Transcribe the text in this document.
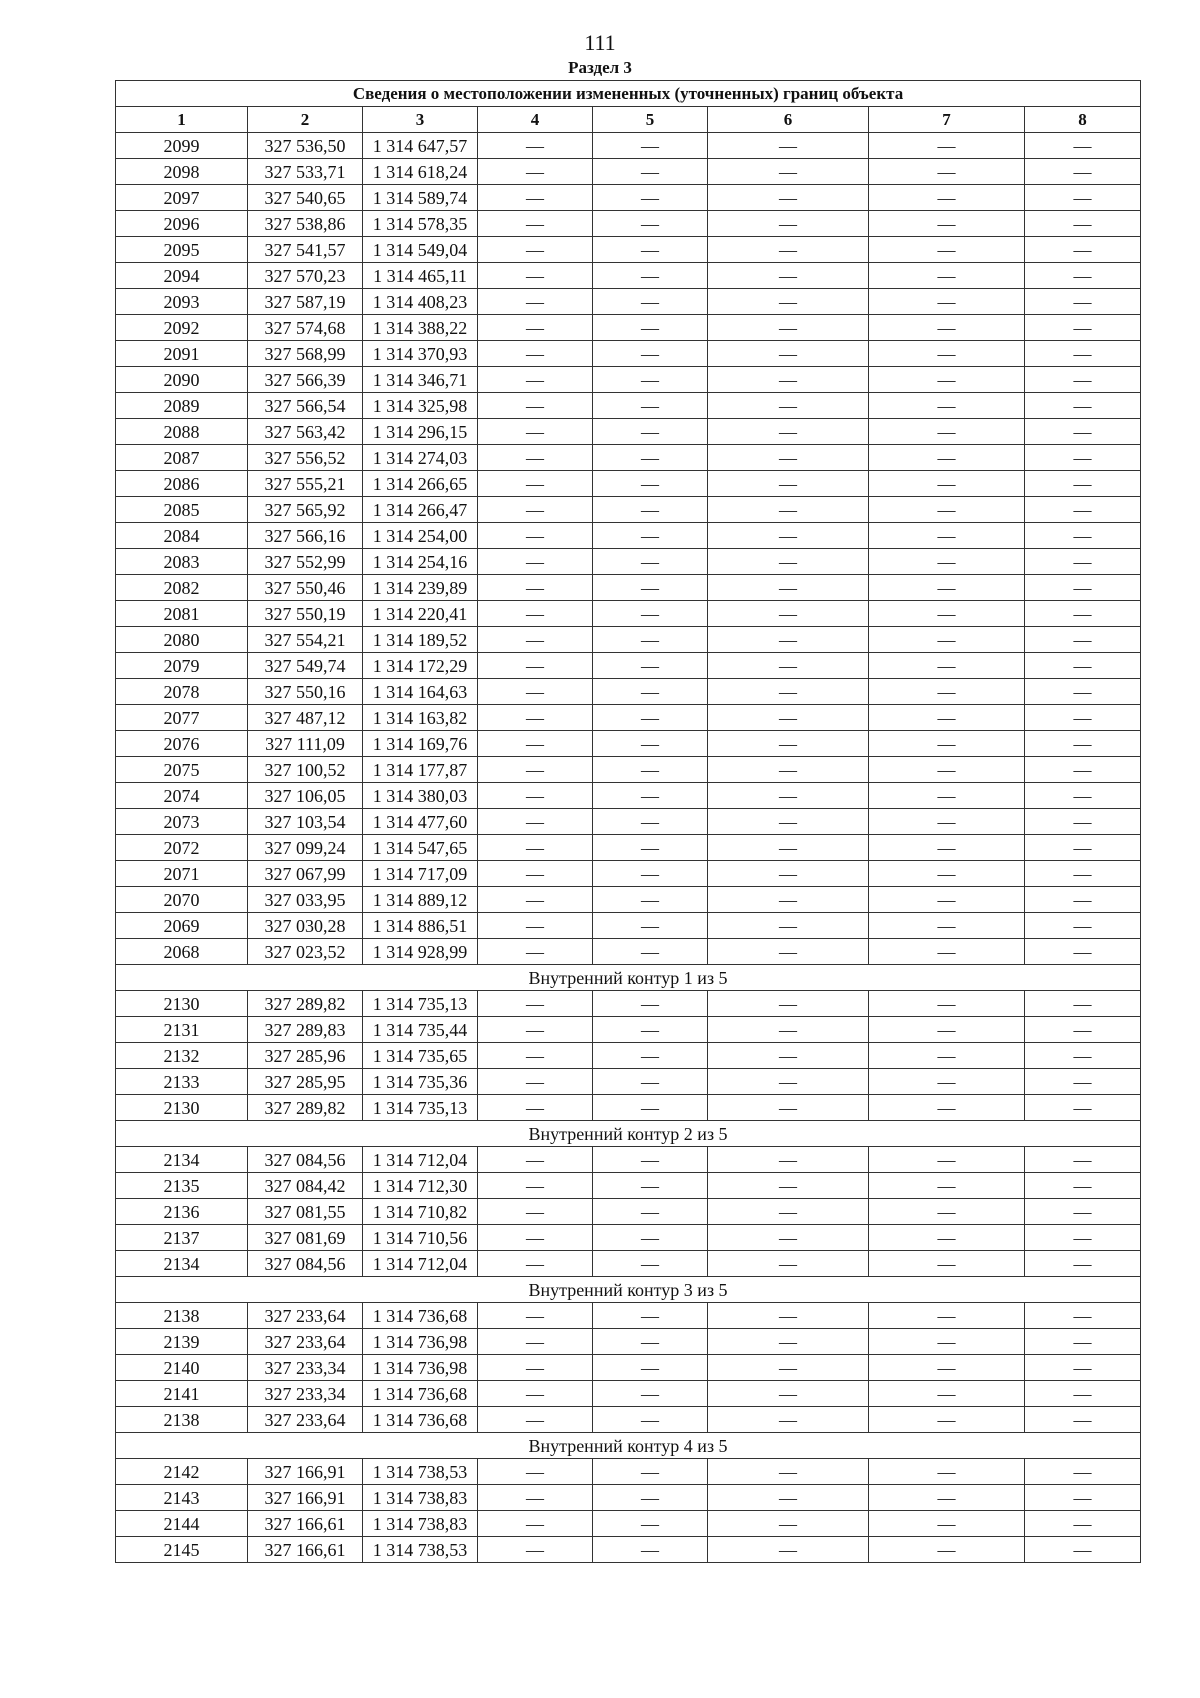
111
Раздел 3
Сведения о местоположении измененных (уточненных) границ объекта							
1	2	3	4	5	6	7	8
2099	327 536,50	1 314 647,57	—	—	—	—	—
2098	327 533,71	1 314 618,24	—	—	—	—	—
2097	327 540,65	1 314 589,74	—	—	—	—	—
2096	327 538,86	1 314 578,35	—	—	—	—	—
2095	327 541,57	1 314 549,04	—	—	—	—	—
2094	327 570,23	1 314 465,11	—	—	—	—	—
2093	327 587,19	1 314 408,23	—	—	—	—	—
2092	327 574,68	1 314 388,22	—	—	—	—	—
2091	327 568,99	1 314 370,93	—	—	—	—	—
2090	327 566,39	1 314 346,71	—	—	—	—	—
2089	327 566,54	1 314 325,98	—	—	—	—	—
2088	327 563,42	1 314 296,15	—	—	—	—	—
2087	327 556,52	1 314 274,03	—	—	—	—	—
2086	327 555,21	1 314 266,65	—	—	—	—	—
2085	327 565,92	1 314 266,47	—	—	—	—	—
2084	327 566,16	1 314 254,00	—	—	—	—	—
2083	327 552,99	1 314 254,16	—	—	—	—	—
2082	327 550,46	1 314 239,89	—	—	—	—	—
2081	327 550,19	1 314 220,41	—	—	—	—	—
2080	327 554,21	1 314 189,52	—	—	—	—	—
2079	327 549,74	1 314 172,29	—	—	—	—	—
2078	327 550,16	1 314 164,63	—	—	—	—	—
2077	327 487,12	1 314 163,82	—	—	—	—	—
2076	327 111,09	1 314 169,76	—	—	—	—	—
2075	327 100,52	1 314 177,87	—	—	—	—	—
2074	327 106,05	1 314 380,03	—	—	—	—	—
2073	327 103,54	1 314 477,60	—	—	—	—	—
2072	327 099,24	1 314 547,65	—	—	—	—	—
2071	327 067,99	1 314 717,09	—	—	—	—	—
2070	327 033,95	1 314 889,12	—	—	—	—	—
2069	327 030,28	1 314 886,51	—	—	—	—	—
2068	327 023,52	1 314 928,99	—	—	—	—	—
Внутренний контур 1 из 5							
2130	327 289,82	1 314 735,13	—	—	—	—	—
2131	327 289,83	1 314 735,44	—	—	—	—	—
2132	327 285,96	1 314 735,65	—	—	—	—	—
2133	327 285,95	1 314 735,36	—	—	—	—	—
2130	327 289,82	1 314 735,13	—	—	—	—	—
Внутренний контур 2 из 5							
2134	327 084,56	1 314 712,04	—	—	—	—	—
2135	327 084,42	1 314 712,30	—	—	—	—	—
2136	327 081,55	1 314 710,82	—	—	—	—	—
2137	327 081,69	1 314 710,56	—	—	—	—	—
2134	327 084,56	1 314 712,04	—	—	—	—	—
Внутренний контур 3 из 5							
2138	327 233,64	1 314 736,68	—	—	—	—	—
2139	327 233,64	1 314 736,98	—	—	—	—	—
2140	327 233,34	1 314 736,98	—	—	—	—	—
2141	327 233,34	1 314 736,68	—	—	—	—	—
2138	327 233,64	1 314 736,68	—	—	—	—	—
Внутренний контур 4 из 5							
2142	327 166,91	1 314 738,53	—	—	—	—	—
2143	327 166,91	1 314 738,83	—	—	—	—	—
2144	327 166,61	1 314 738,83	—	—	—	—	—
2145	327 166,61	1 314 738,53	—	—	—	—	—
